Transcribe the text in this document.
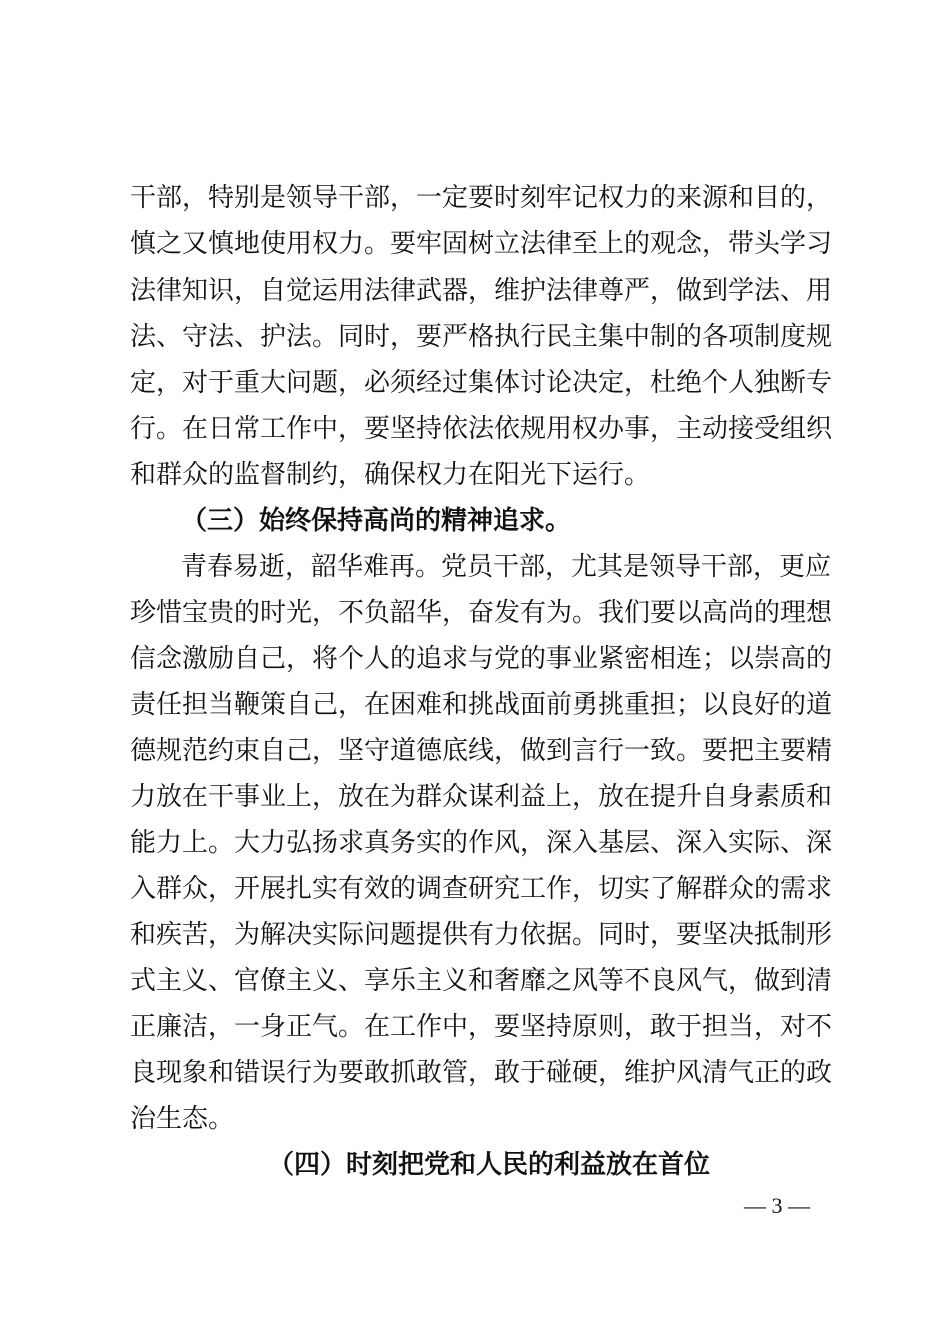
干部，特别是领导干部，一定要时刻牢记权力的来源和目的，
慎之又慎地使用权力。要牢固树立法律至上的观念，带头学习
法律知识，自觉运用法律武器，维护法律尊严，做到学法、用
法、守法、护法。同时，要严格执行民主集中制的各项制度规
定，对于重大问题，必须经过集体讨论决定，杜绝个人独断专
行。在日常工作中，要坚持依法依规用权办事，主动接受组织
和群众的监督制约，确保权力在阳光下运行。
（三）始终保持高尚的精神追求。
青春易逝，韶华难再。党员干部，尤其是领导干部，更应
珍惜宝贵的时光，不负韶华，奋发有为。我们要以高尚的理想
信念激励自己，将个人的追求与党的事业紧密相连；以崇高的
责任担当鞭策自己，在困难和挑战面前勇挑重担；以良好的道
德规范约束自己，坚守道德底线，做到言行一致。要把主要精
力放在干事业上，放在为群众谋利益上，放在提升自身素质和
能力上。大力弘扬求真务实的作风，深入基层、深入实际、深
入群众，开展扎实有效的调查研究工作，切实了解群众的需求
和疾苦，为解决实际问题提供有力依据。同时，要坚决抵制形
式主义、官僚主义、享乐主义和奢靡之风等不良风气，做到清
正廉洁，一身正气。在工作中，要坚持原则，敢于担当，对不
良现象和错误行为要敢抓敢管，敢于碰硬，维护风清气正的政
治生态。
（四）时刻把党和人民的利益放在首位
— 3 —
